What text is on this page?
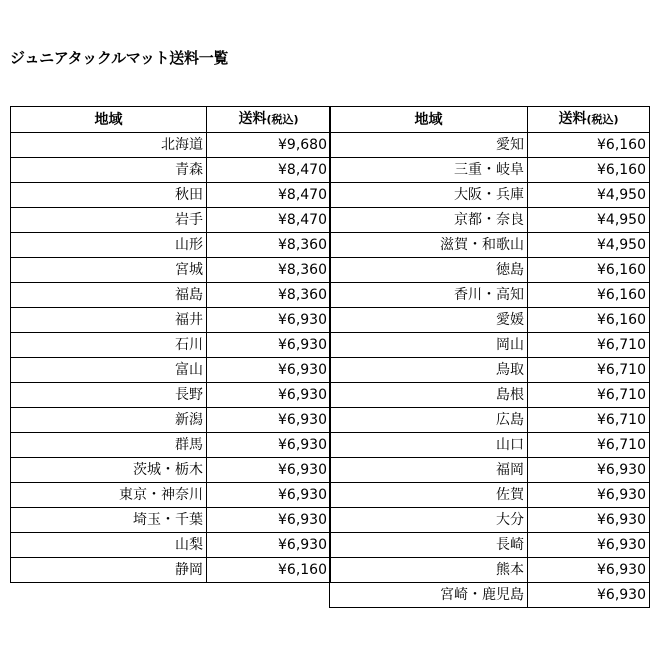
ジュニアタックルマット送料一覧
地域	送料(税込)
北海道	¥9,680
青森	¥8,470
秋田	¥8,470
岩手	¥8,470
山形	¥8,360
宮城	¥8,360
福島	¥8,360
福井	¥6,930
石川	¥6,930
富山	¥6,930
長野	¥6,930
新潟	¥6,930
群馬	¥6,930
茨城・栃木	¥6,930
東京・神奈川	¥6,930
埼玉・千葉	¥6,930
山梨	¥6,930
静岡	¥6,160
地域	送料(税込)
愛知	¥6,160
三重・岐阜	¥6,160
大阪・兵庫	¥4,950
京都・奈良	¥4,950
滋賀・和歌山	¥4,950
徳島	¥6,160
香川・高知	¥6,160
愛媛	¥6,160
岡山	¥6,710
鳥取	¥6,710
島根	¥6,710
広島	¥6,710
山口	¥6,710
福岡	¥6,930
佐賀	¥6,930
大分	¥6,930
長崎	¥6,930
熊本	¥6,930
宮崎・鹿児島	¥6,930
